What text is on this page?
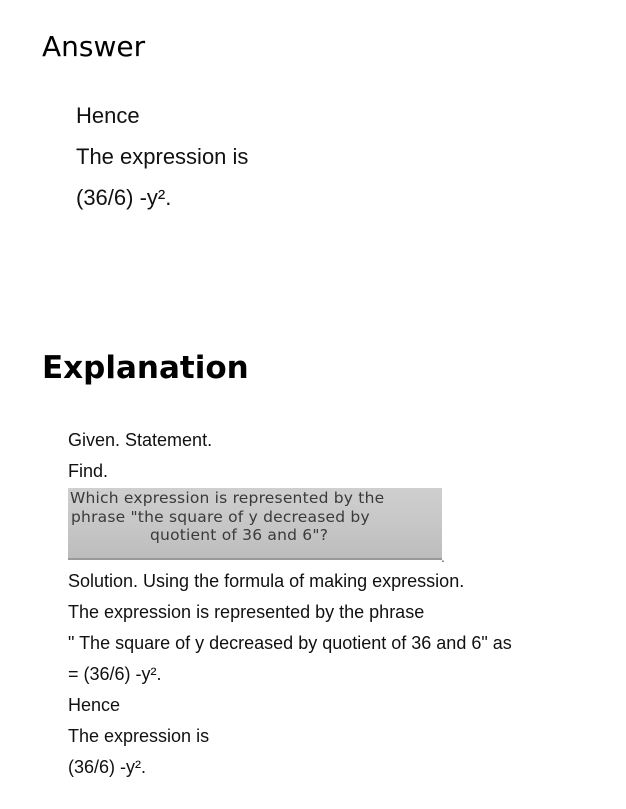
Answer
Hence
The expression is
(36/6) -y².
Explanation
Given. Statement.
Find.
Which expression is represented by the
phrase "the square of y decreased by
quotient of 36 and 6"?
.
Solution. Using the formula of making expression.
The expression is represented by the phrase
" The square of y decreased by quotient of 36 and 6" as
= (36/6) -y².
Hence
The expression is
(36/6) -y².
